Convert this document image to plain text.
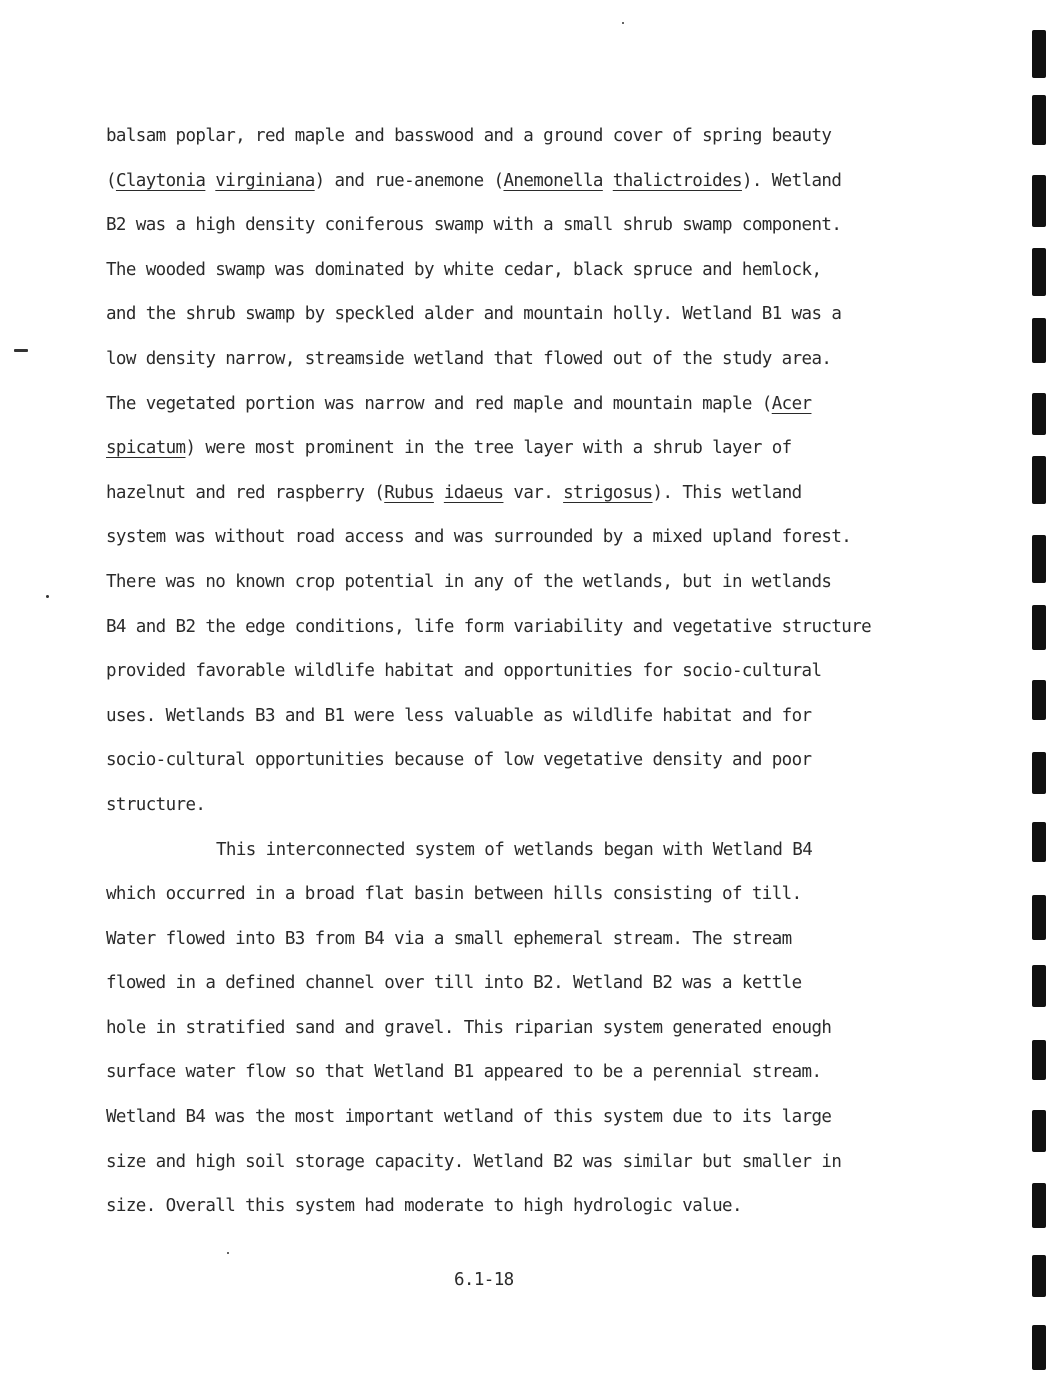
balsam poplar, red maple and basswood and a ground cover of spring beauty
(Claytonia virginiana) and rue-anemone (Anemonella thalictroides). Wetland
B2 was a high density coniferous swamp with a small shrub swamp component.
The wooded swamp was dominated by white cedar, black spruce and hemlock,
and the shrub swamp by speckled alder and mountain holly. Wetland B1 was a
low density narrow, streamside wetland that flowed out of the study area.
The vegetated portion was narrow and red maple and mountain maple (Acer
spicatum) were most prominent in the tree layer with a shrub layer of
hazelnut and red raspberry (Rubus idaeus var. strigosus). This wetland
system was without road access and was surrounded by a mixed upland forest.
There was no known crop potential in any of the wetlands, but in wetlands
B4 and B2 the edge conditions, life form variability and vegetative structure
provided favorable wildlife habitat and opportunities for socio-cultural
uses. Wetlands B3 and B1 were less valuable as wildlife habitat and for
socio-cultural opportunities because of low vegetative density and poor
structure.
This interconnected system of wetlands began with Wetland B4
which occurred in a broad flat basin between hills consisting of till.
Water flowed into B3 from B4 via a small ephemeral stream. The stream
flowed in a defined channel over till into B2. Wetland B2 was a kettle
hole in stratified sand and gravel. This riparian system generated enough
surface water flow so that Wetland B1 appeared to be a perennial stream.
Wetland B4 was the most important wetland of this system due to its large
size and high soil storage capacity. Wetland B2 was similar but smaller in
size. Overall this system had moderate to high hydrologic value.
6.1-18
